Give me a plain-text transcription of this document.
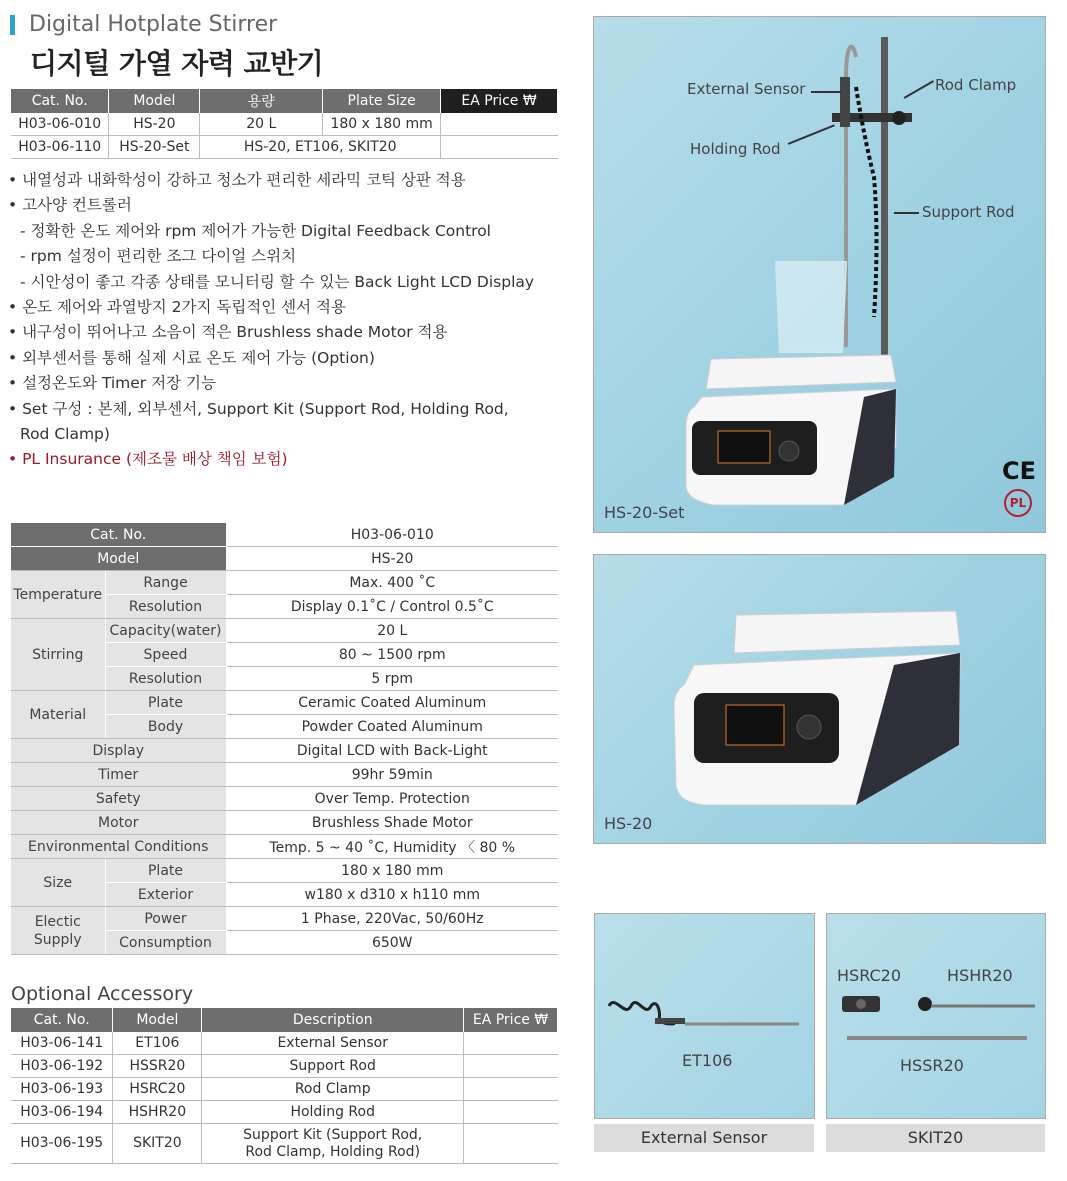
Digital Hotplate Stirrer
디지털 가열 자력 교반기
Cat. No.	Model	용량	Plate Size	EA Price ₩
H03-06-010	HS-20	20 L	180 x 180 mm	
H03-06-110	HS-20-Set	HS-20, ET106, SKIT20		
• 내열성과 내화학성이 강하고 청소가 편리한 세라믹 코틱 상판 적용
• 고사양 컨트롤러
- 정확한 온도 제어와 rpm 제어가 가능한 Digital Feedback Control
- rpm 설정이 편리한 조그 다이얼 스위치
- 시안성이 좋고 각종 상태를 모니터링 할 수 있는 Back Light LCD Display
• 온도 제어와 과열방지 2가지 독립적인 센서 적용
• 내구성이 뛰어나고 소음이 적은 Brushless shade Motor 적용
• 외부센서를 통해 실제 시료 온도 제어 가능 (Option)
• 설정온도와 Timer 저장 기능
• Set 구성 : 본체, 외부센서, Support Kit (Support Rod, Holding Rod,
Rod Clamp)
• PL Insurance (제조물 배상 책임 보험)
Cat. No.		H03-06-010
Model		HS-20
Temperature	Range	Max. 400 ˚C
	Resolution	Display 0.1˚C / Control 0.5˚C
Stirring	Capacity(water)	20 L
	Speed	80 ~ 1500 rpm
	Resolution	5 rpm
Material	Plate	Ceramic Coated Aluminum
	Body	Powder Coated Aluminum
Display		Digital LCD with Back-Light
Timer		99hr 59min
Safety		Over Temp. Protection
Motor		Brushless Shade Motor
Environmental Conditions		Temp. 5 ~ 40 ˚C, Humidity 〈 80 %
Size	Plate	180 x 180 mm
	Exterior	w180 x d310 x h110 mm

Electic
Supply	Power	1 Phase, 220Vac, 50/60Hz
	Consumption	650W
Optional Accessory
Cat. No.	Model	Description	EA Price ₩
H03-06-141	ET106	External Sensor	
H03-06-192	HSSR20	Support Rod	
H03-06-193	HSRC20	Rod Clamp	
H03-06-194	HSHR20	Holding Rod	
H03-06-195	SKIT20	Support Kit (Support Rod,
Rod Clamp, Holding Rod)	

External Sensor	Rod Clamp
Holding Rod
Support Rod
CE
PL
HS-20-Set
HS-20
ET106
External Sensor
HSRC20	HSHR20
HSSR20
SKIT20
